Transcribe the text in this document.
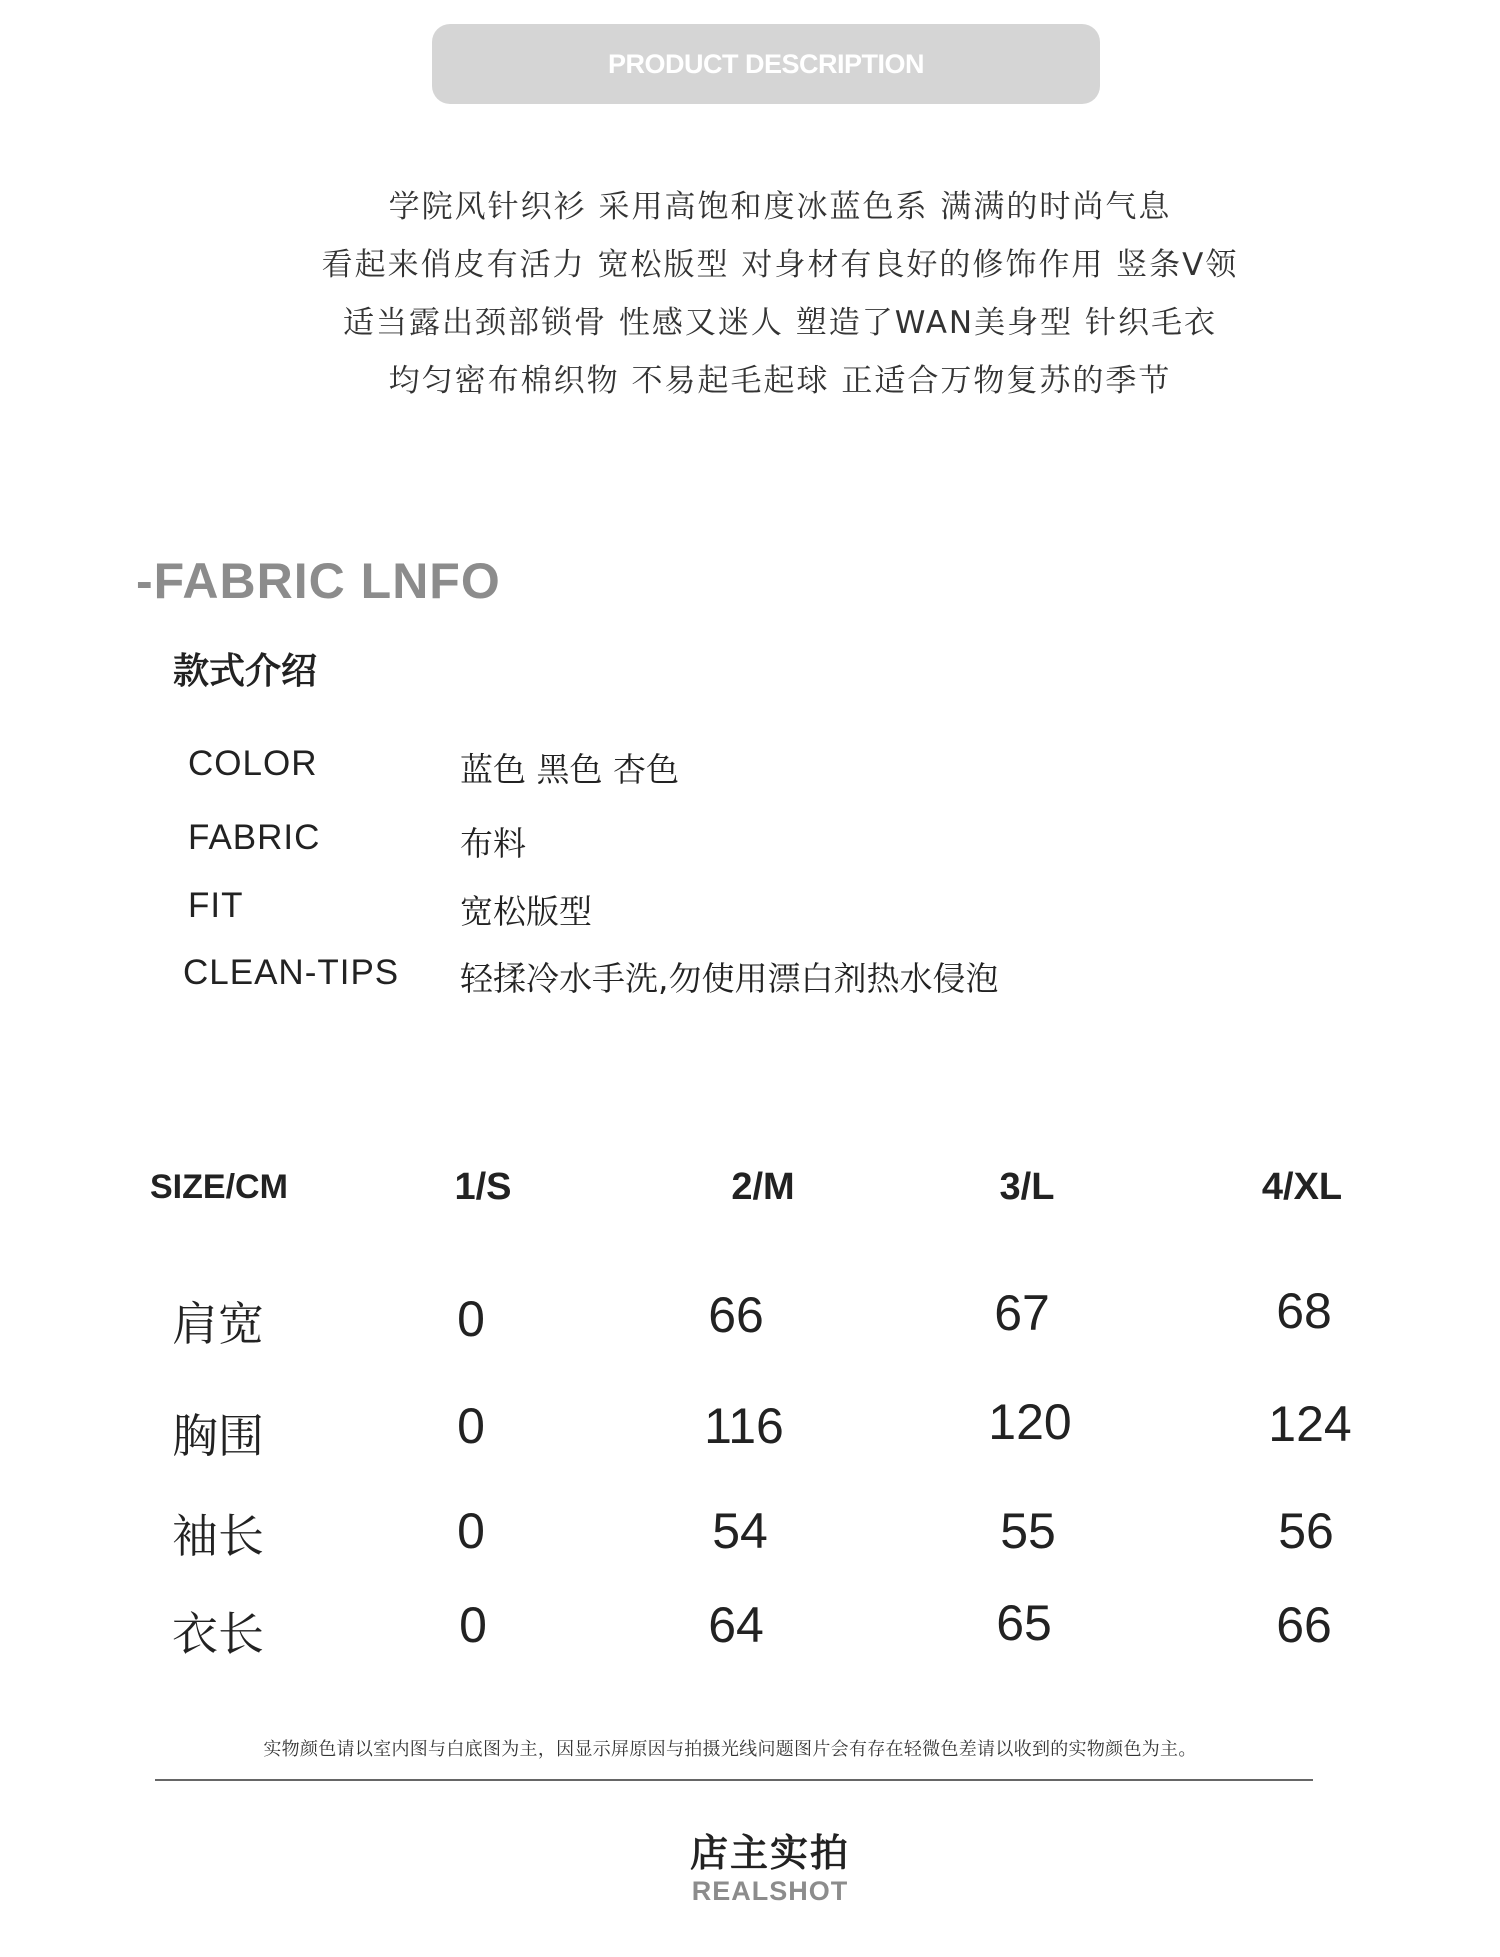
PRODUCT DESCRIPTION
学院风针织衫 采用高饱和度冰蓝色系 满满的时尚气息
看起来俏皮有活力 宽松版型 对身材有良好的修饰作用 竖条V领
适当露出颈部锁骨 性感又迷人 塑造了WAN美身型 针织毛衣
均匀密布棉织物 不易起毛起球 正适合万物复苏的季节
-FABRIC LNFO
款式介绍
COLOR	蓝色 黑色 杏色
FABRIC	布料
FIT	宽松版型
CLEAN-TIPS 轻揉冷水手洗,勿使用漂白剂热水侵泡
SIZE/CM	1/S	2/M	3/L	4/XL
肩宽	0	66	67	68
胸围	0	116	120	124
袖长	0	54	55	56
衣长	0	64	65	66
实物颜色请以室内图与白底图为主，因显示屏原因与拍摄光线问题图片会有存在轻微色差请以收到的实物颜色为主。
店主实拍
REALSHOT
